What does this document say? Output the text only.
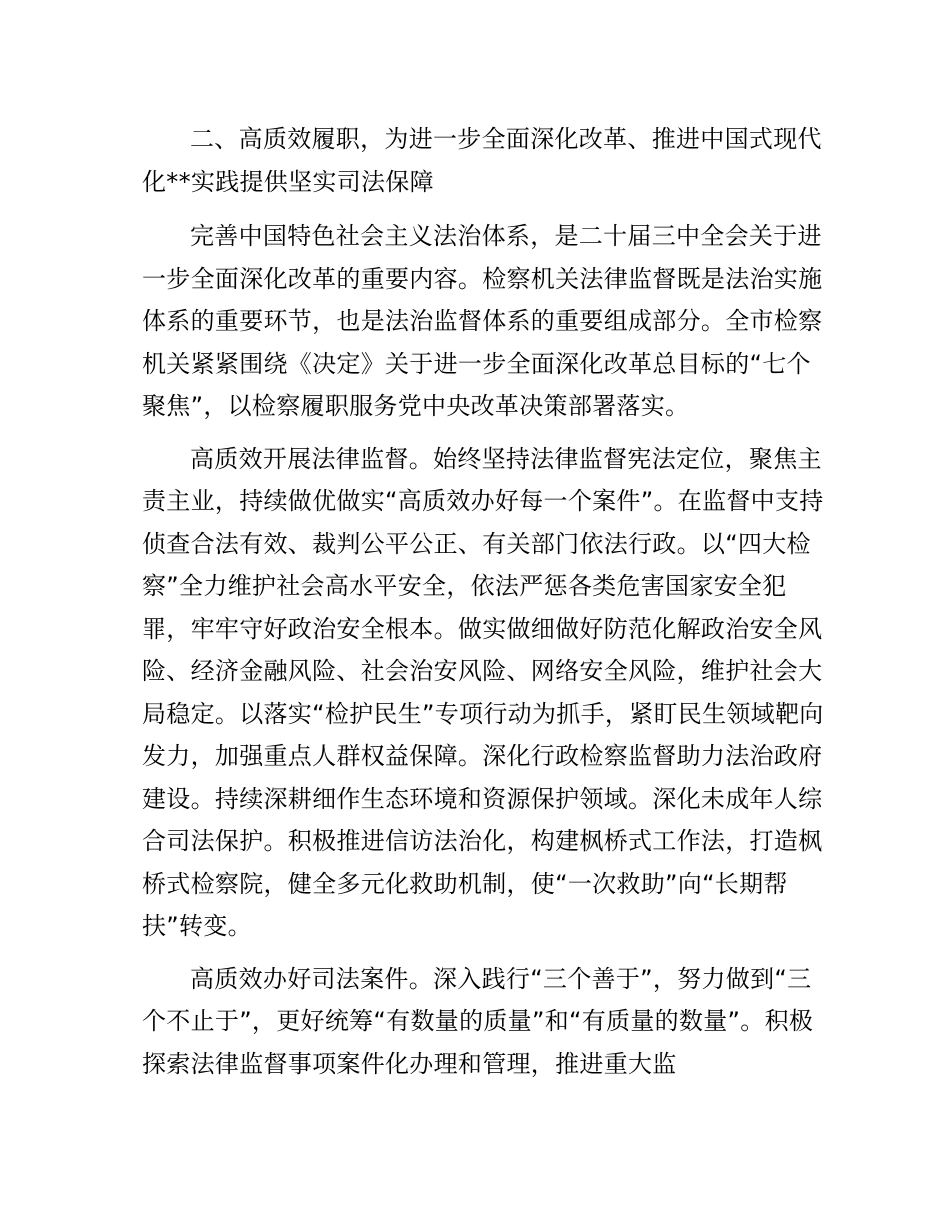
二、高质效履职，为进一步全面深化改革、推进中国式现代化**实践提供坚实司法保障

完善中国特色社会主义法治体系，是二十届三中全会关于进一步全面深化改革的重要内容。检察机关法律监督既是法治实施体系的重要环节，也是法治监督体系的重要组成部分。全市检察机关紧紧围绕《决定》关于进一步全面深化改革总目标的“七个聚焦”，以检察履职服务党中央改革决策部署落实。

高质效开展法律监督。始终坚持法律监督宪法定位，聚焦主责主业，持续做优做实“高质效办好每一个案件”。在监督中支持侦查合法有效、裁判公平公正、有关部门依法行政。以“四大检察”全力维护社会高水平安全，依法严惩各类危害国家安全犯罪，牢牢守好政治安全根本。做实做细做好防范化解政治安全风险、经济金融风险、社会治安风险、网络安全风险，维护社会大局稳定。以落实“检护民生”专项行动为抓手，紧盯民生领域靶向发力，加强重点人群权益保障。深化行政检察监督助力法治政府建设。持续深耕细作生态环境和资源保护领域。深化未成年人综合司法保护。积极推进信访法治化，构建枫桥式工作法，打造枫桥式检察院，健全多元化救助机制，使“一次救助”向“长期帮扶”转变。

高质效办好司法案件。深入践行“三个善于”，努力做到“三个不止于”，更好统筹“有数量的质量”和“有质量的数量”。积极探索法律监督事项案件化办理和管理，推进重大监
